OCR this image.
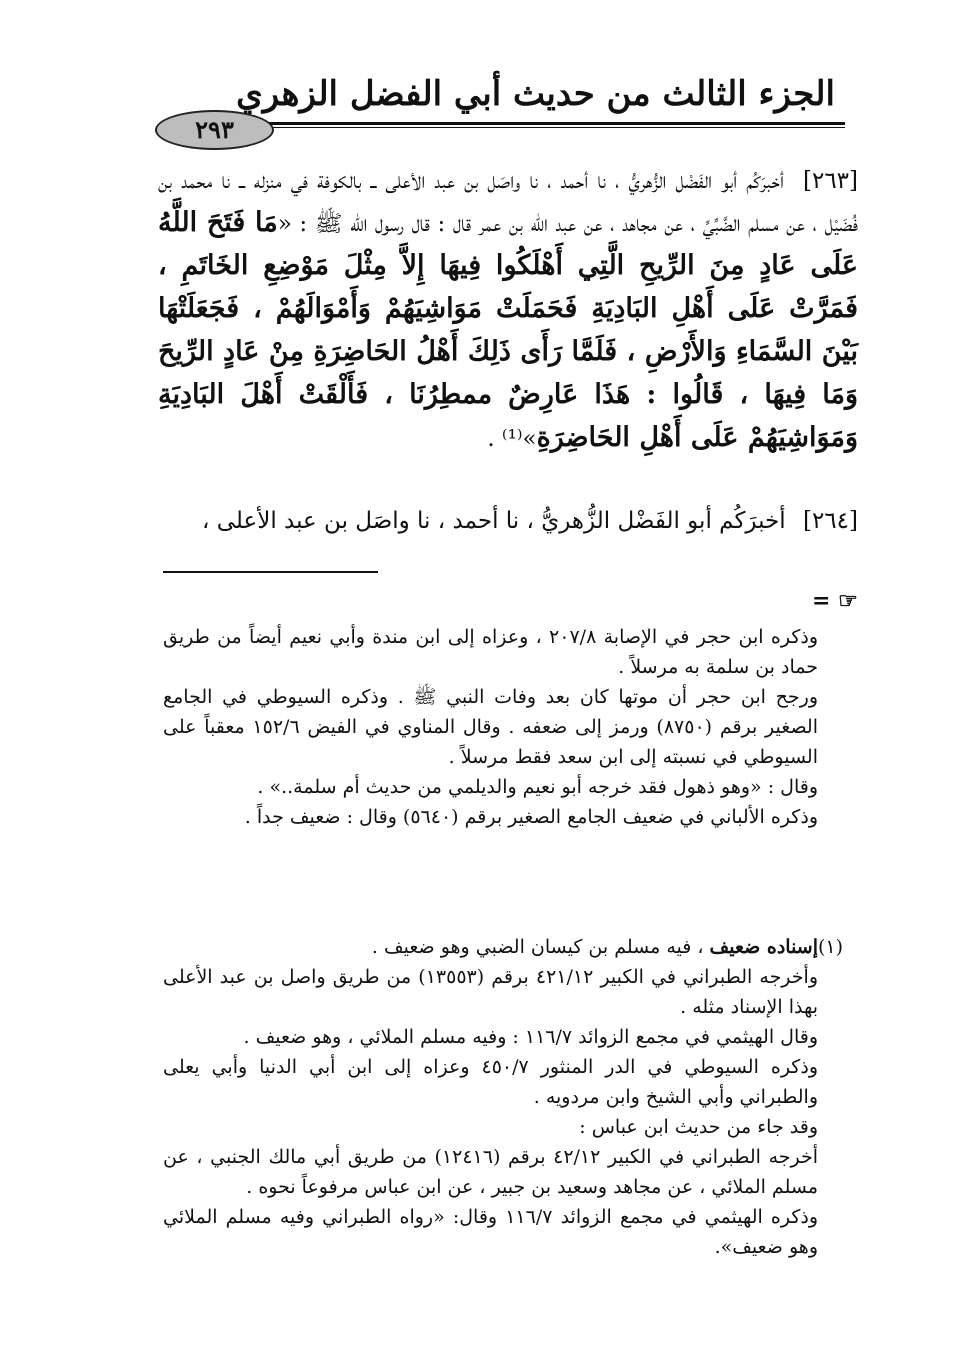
الجزء الثالث من حديث أبي الفضل الزهري
٢٩٣
[٢٦٣] أخبرَكُم أبو الفَضْل الزُّهريُّ ، نا أحمد ، نا واصَل بن عبد الأعلى ــ بالكوفة في منزله ــ نا محمد بن فُضَيْل ، عن مسلم الضَّبِّيِّ ، عن مجاهد ، عن عبد الله بن عمر قال : قال رسول الله ﷺ : «مَا فَتَحَ اللَّهُ عَلَى عَادٍ مِنَ الرِّيحِ الَّتِي أَهْلَكُوا فِيهَا إِلاَّ مِثْلَ مَوْضِعِ الخَاتَمِ ، فَمَرَّتْ عَلَى أَهْلِ البَادِيَةِ فَحَمَلَتْ مَوَاشِيَهُمْ وَأَمْوَالَهُمْ ، فَجَعَلَتْهَا بَيْنَ السَّمَاءِ وَالأَرْضِ ، فَلَمَّا رَأَى ذَلِكَ أَهْلُ الحَاضِرَةِ مِنْ عَادٍ الرِّيحَ وَمَا فِيهَا ، قَالُوا : هَذَا عَارِضٌ ممطِرُنَا ، فَأَلْقَتْ أَهْلَ البَادِيَةِ وَمَوَاشِيَهُمْ عَلَى أَهْلِ الحَاضِرَةِ»⁽¹⁾ .
[٢٦٤] أخبرَكُم أبو الفَضْل الزُّهريُّ ، نا أحمد ، نا واصَل بن عبد الأعلى ،
= ☞

وذكره ابن حجر في الإصابة ٢٠٧/٨ ، وعزاه إلى ابن مندة وأبي نعيم أيضاً من طريق حماد بن سلمة به مرسلاً .

ورجح ابن حجر أن موتها كان بعد وفات النبي ﷺ . وذكره السيوطي في الجامع الصغير برقم (٨٧٥٠) ورمز إلى ضعفه . وقال المناوي في الفيض ١٥٢/٦ معقباً على السيوطي في نسبته إلى ابن سعد فقط مرسلاً .

وقال : «وهو ذهول فقد خرجه أبو نعيم والديلمي من حديث أم سلمة..» .

وذكره الألباني في ضعيف الجامع الصغير برقم (٥٦٤٠) وقال : ضعيف جداً .

(١)

إسناده ضعيف ، فيه مسلم بن كيسان الضبي وهو ضعيف .

وأخرجه الطبراني في الكبير ٤٢١/١٢ برقم (١٣٥٥٣) من طريق واصل بن عبد الأعلى بهذا الإسناد مثله .

وقال الهيثمي في مجمع الزوائد ١١٦/٧ : وفيه مسلم الملائي ، وهو ضعيف .

وذكره السيوطي في الدر المنثور ٤٥٠/٧ وعزاه إلى ابن أبي الدنيا وأبي يعلى والطبراني وأبي الشيخ وابن مردويه .

وقد جاء من حديث ابن عباس :

أخرجه الطبراني في الكبير ٤٢/١٢ برقم (١٢٤١٦) من طريق أبي مالك الجنبي ، عن مسلم الملائي ، عن مجاهد وسعيد بن جبير ، عن ابن عباس مرفوعاً نحوه .

وذكره الهيثمي في مجمع الزوائد ١١٦/٧ وقال: «رواه الطبراني وفيه مسلم الملائي وهو ضعيف».
